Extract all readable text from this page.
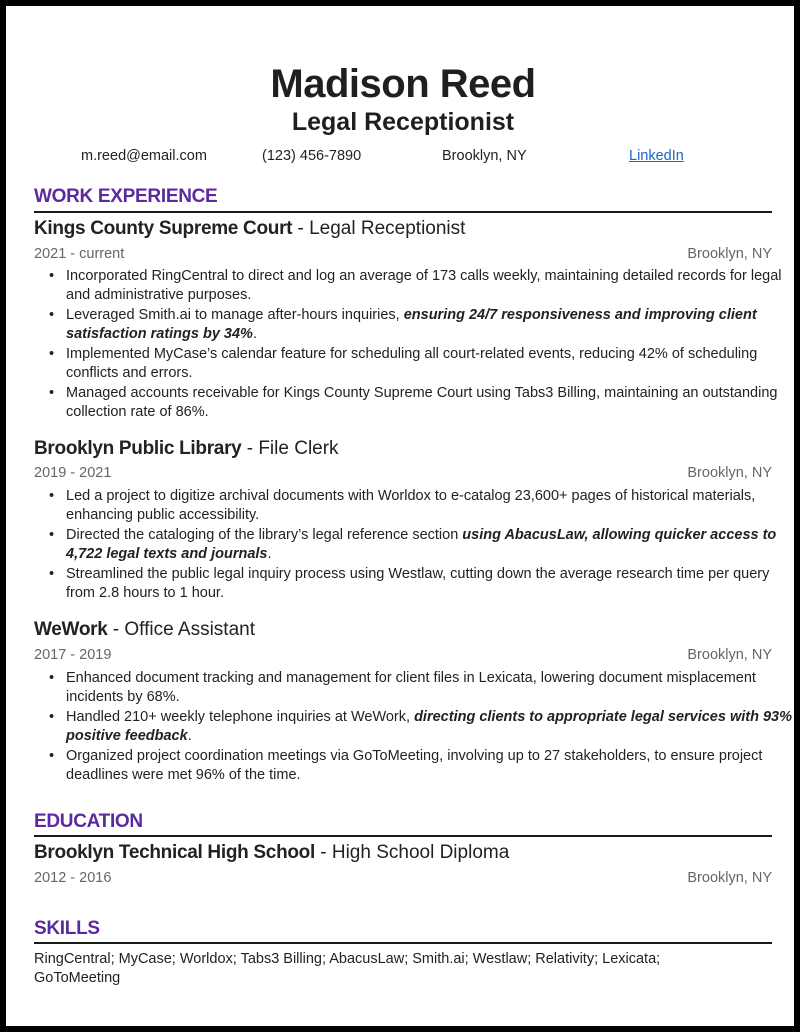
Madison Reed
Legal Receptionist
m.reed@email.com	(123) 456-7890	Brooklyn, NY	LinkedIn
WORK EXPERIENCE
Kings County Supreme Court - Legal Receptionist
2021 - current	Brooklyn, NY
• Incorporated RingCentral to direct and log an average of 173 calls weekly, maintaining detailed records for legal and administrative purposes.
• Leveraged Smith.ai to manage after-hours inquiries, ensuring 24/7 responsiveness and improving client satisfaction ratings by 34%.
• Implemented MyCase’s calendar feature for scheduling all court-related events, reducing 42% of scheduling conflicts and errors.
• Managed accounts receivable for Kings County Supreme Court using Tabs3 Billing, maintaining an outstanding collection rate of 86%.
Brooklyn Public Library - File Clerk
2019 - 2021	Brooklyn, NY
• Led a project to digitize archival documents with Worldox to e-catalog 23,600+ pages of historical materials, enhancing public accessibility.
• Directed the cataloging of the library’s legal reference section using AbacusLaw, allowing quicker access to 4,722 legal texts and journals.
• Streamlined the public legal inquiry process using Westlaw, cutting down the average research time per query from 2.8 hours to 1 hour.
WeWork - Office Assistant
2017 - 2019	Brooklyn, NY
• Enhanced document tracking and management for client files in Lexicata, lowering document misplacement incidents by 68%.
• Handled 210+ weekly telephone inquiries at WeWork, directing clients to appropriate legal services with 93% positive feedback.
• Organized project coordination meetings via GoToMeeting, involving up to 27 stakeholders, to ensure project deadlines were met 96% of the time.
EDUCATION
Brooklyn Technical High School - High School Diploma
2012 - 2016	Brooklyn, NY
SKILLS
RingCentral; MyCase; Worldox; Tabs3 Billing; AbacusLaw; Smith.ai; Westlaw; Relativity; Lexicata; GoToMeeting
